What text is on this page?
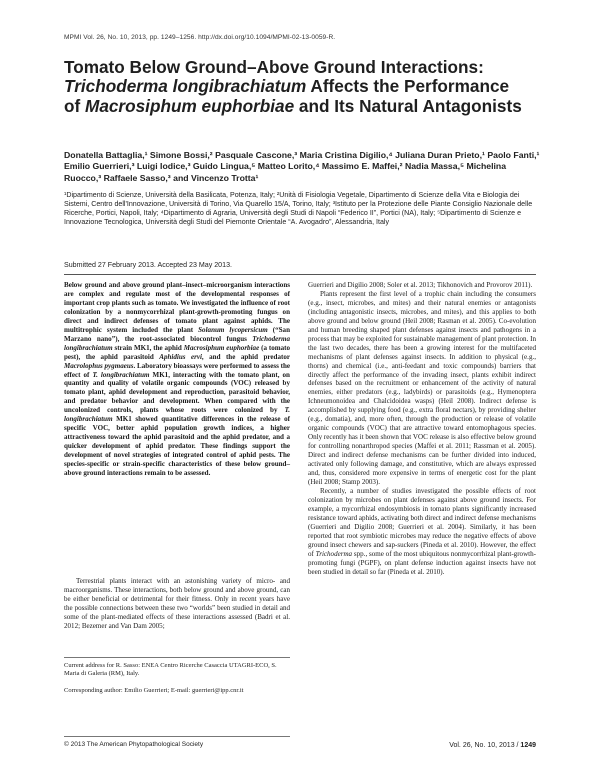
MPMI Vol. 26, No. 10, 2013, pp. 1249–1256. http://dx.doi.org/10.1094/MPMI-02-13-0059-R.
Tomato Below Ground–Above Ground Interactions:
Trichoderma longibrachiatum Affects the Performance
of Macrosiphum euphorbiae and Its Natural Antagonists
Donatella Battaglia,¹ Simone Bossi,² Pasquale Cascone,³ Maria Cristina Digilio,⁴ Juliana Duran Prieto,¹ Paolo Fanti,¹ Emilio Guerrieri,³ Luigi Iodice,³ Guido Lingua,⁵ Matteo Lorito,⁴ Massimo E. Maffei,² Nadia Massa,⁵ Michelina Ruocco,³ Raffaele Sasso,³ and Vincenzo Trotta¹
¹Dipartimento di Scienze, Università della Basilicata, Potenza, Italy; ²Unità di Fisiologia Vegetale, Dipartimento di Scienze della Vita e Biologia dei Sistemi, Centro dell'Innovazione, Università di Torino, Via Quarello 15/A, Torino, Italy; ³Istituto per la Protezione delle Piante Consiglio Nazionale delle Ricerche, Portici, Napoli, Italy; ⁴Dipartimento di Agraria, Università degli Studi di Napoli “Federico II”, Portici (NA), Italy; ⁵Dipartimento di Scienze e Innovazione Tecnologica, Università degli Studi del Piemonte Orientale “A. Avogadro”, Alessandria, Italy
Submitted 27 February 2013. Accepted 23 May 2013.
Below ground and above ground plant–insect–microorganism interactions are complex and regulate most of the developmental responses of important crop plants such as tomato. We investigated the influence of root colonization by a nonmycorrhizal plant-growth-promoting fungus on direct and indirect defenses of tomato plant against aphids. The multitrophic system included the plant Solanum lycopersicum (“San Marzano nano”), the root-associated biocontrol fungus Trichoderma longibrachiatum strain MK1, the aphid Macrosiphum euphorbiae (a tomato pest), the aphid parasitoid Aphidius ervi, and the aphid predator Macrolophus pygmaeus. Laboratory bioassays were performed to assess the effect of T. longibrachiatum MK1, interacting with the tomato plant, on quantity and quality of volatile organic compounds (VOC) released by tomato plant, aphid development and reproduction, parasitoid behavior, and predator behavior and development. When compared with the uncolonized controls, plants whose roots were colonized by T. longibrachiatum MK1 showed quantitative differences in the release of specific VOC, better aphid population growth indices, a higher attractiveness toward the aphid parasitoid and the aphid predator, and a quicker development of aphid predator. These findings support the development of novel strategies of integrated control of aphid pests. The species-specific or strain-specific characteristics of these below ground–above ground interactions remain to be assessed.
Terrestrial plants interact with an astonishing variety of micro- and macroorganisms. These interactions, both below ground and above ground, can be either beneficial or detrimental for their fitness. Only in recent years have the possible connections between these two “worlds” been studied in detail and some of the plant-mediated effects of these interactions assessed (Badri et al. 2012; Bezemer and Van Dam 2005;
Current address for R. Sasso: ENEA Centro Ricerche Casaccia UTAGRI-ECO, S. Maria di Galeria (RM), Italy.
Corresponding author: Emilio Guerrieri; E-mail: guerrieri@ipp.cnr.it
© 2013 The American Phytopathological Society

Guerrieri and Digilio 2008; Soler et al. 2013; Tikhonovich and Provorov 2011).

Plants represent the first level of a trophic chain including the consumers (e.g., insect, microbes, and mites) and their natural enemies or antagonists (including antagonistic insects, microbes, and mites), and this applies to both above ground and below ground (Heil 2008; Rasman et al. 2005). Co-evolution and human breeding shaped plant defenses against insects and pathogens in a process that may be exploited for sustainable management of plant protection. In the last two decades, there has been a growing interest for the multifaceted mechanisms of plant defenses against insects. In addition to physical (e.g., thorns) and chemical (i.e., anti-feedant and toxic compounds) barriers that directly affect the performance of the invading insect, plants exhibit indirect defenses based on the recruitment or enhancement of the activity of natural enemies, either predators (e.g., ladybirds) or parasitoids (e.g., Hymenoptera Ichneumonoidea and Chalcidoidea wasps) (Heil 2008). Indirect defense is accomplished by supplying food (e.g., extra floral nectars), by providing shelter (e.g., domatia), and, more often, through the production or release of volatile organic compounds (VOC) that are attractive toward entomophagous species. Only recently has it been shown that VOC release is also effective below ground for controlling nonarthropod species (Maffei et al. 2011; Rassman et al. 2005). Direct and indirect defense mechanisms can be further divided into induced, activated only following damage, and constitutive, which are always expressed and, thus, considered more expensive in terms of energetic cost for the plant (Heil 2008; Stamp 2003).

Recently, a number of studies investigated the possible effects of root colonization by microbes on plant defenses against above ground insects. For example, a mycorrhizal endosymbiosis in tomato plants significantly increased resistance toward aphids, activating both direct and indirect defense mechanisms (Guerrieri and Digilio 2008; Guerrieri et al. 2004). Similarly, it has been reported that root symbiotic microbes may reduce the negative effects of above ground insect chewers and sap-suckers (Pineda et al. 2010). However, the effect of Trichoderma spp., some of the most ubiquitous nonmycorrhizal plant-growth-promoting fungi (PGPF), on plant defense induction against insects have not been studied in detail so far (Pineda et al. 2010).

Vol. 26, No. 10, 2013 / 1249
